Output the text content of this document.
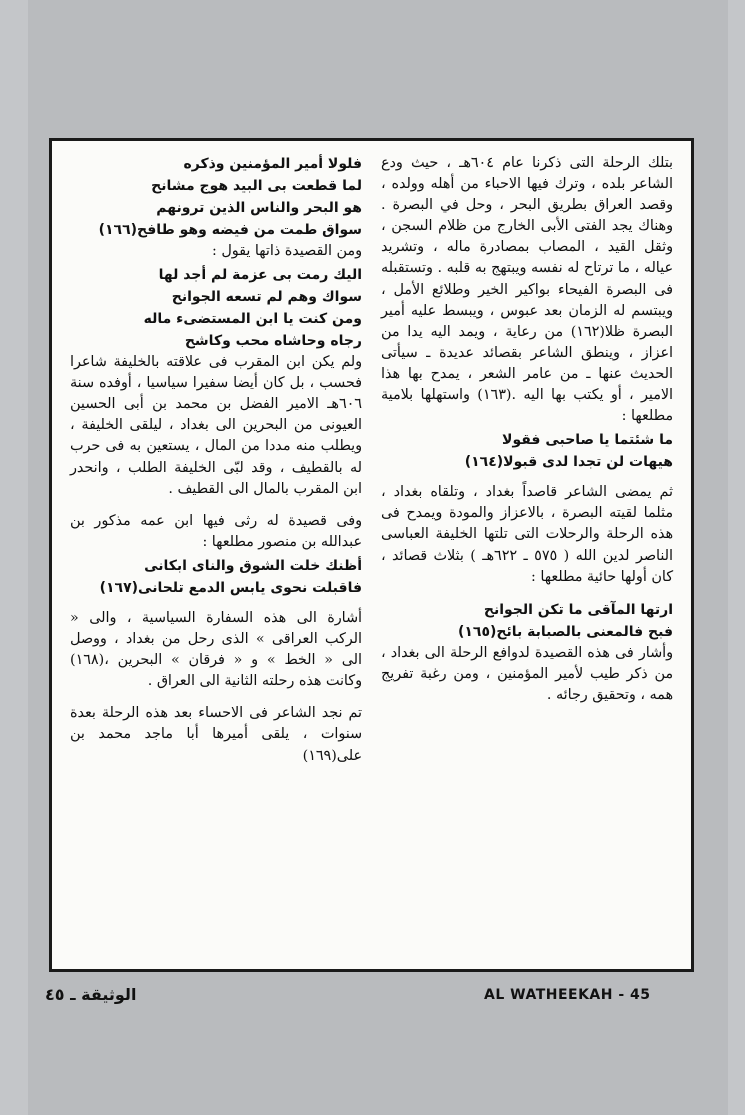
بتلك الرحلة التى ذكرنا عام ٦٠٤هـ ، حيث ودع الشاعر بلده ، وترك فيها الاحباء من أهله وولده ، وقصد العراق بطريق البحر ، وحل في البصرة . وهناك يجد الفتى الأبى الخارج من ظلام السجن ، وثقل القيد ، المصاب بمصادرة ماله ، وتشريد عياله ، ما ترتاح له نفسه ويبتهج به قلبه . وتستقبله فى البصرة الفيحاء بواكير الخير وطلائع الأمل ، ويبتسم له الزمان بعد عبوس ، ويبسط عليه أمير البصرة ظلا(١٦٢) من رعاية ، ويمد اليه يدا من اعزاز ، وينطق الشاعر بقصائد عديدة ـ سيأتى الحديث عنها ـ من عامر الشعر ، يمدح بها هذا الامير ، أو يكتب بها اليه .(١٦٣) واستهلها بلامية مطلعها :

ما شئتما يا صاحبى فقولا

هيهات لن تجدا لدى قبولا(١٦٤)

ثم يمضى الشاعر قاصداً بغداد ، وتلقاه بغداد ، مثلما لقيته البصرة ، بالاعزاز والمودة ويمدح فى هذه الرحلة والرحلات التى تلتها الخليفة العباسى الناصر لدين الله ( ٥٧٥ ـ ٦٢٢هـ ) بثلاث قصائد ، كان أولها حائية مطلعها :

ارتها المآقى ما تكن الجوانح

فبح فالمعنى بالصبابة بائح(١٦٥)

وأشار فى هذه القصيدة لدوافع الرحلة الى بغداد ، من ذكر طيب لأمير المؤمنين ، ومن رغبة تفريج همه ، وتحقيق رجائه .

فلولا أمير المؤمنين وذكره

لما قطعت بى البيد هوج مشانح

هو البحر والناس الذين ترونهم

سواق طمت من فيضه وهو طافح(١٦٦)

ومن القصيدة ذاتها يقول :

اليك رمت بى عزمة لم أجد لها

سواك وهم لم تسعه الجوانح

ومن كنت يا ابن المستضىء ماله

رجاه وحاشاه محب وكاشح

ولم يكن ابن المقرب فى علاقته بالخليفة شاعرا فحسب ، بل كان أيضا سفيرا سياسيا ، أوفده سنة ٦٠٦هـ الامير الفضل بن محمد بن أبى الحسين العيونى من البحرين الى بغداد ، ليلقى الخليفة ، ويطلب منه مددا من المال ، يستعين به فى حرب له بالقطيف ، وقد لبّى الخليفة الطلب ، وانحدر ابن المقرب بالمال الى القطيف .

وفى قصيدة له رثى فيها ابن عمه مذكور بن عبدالله بن منصور مطلعها :

أظنك خلت الشوق والناى ابكانى

فاقبلت نحوى يابس الدمع تلحانى(١٦٧)

أشارة الى هذه السفارة السياسية ، والى « الركب العراقى » الذى رحل من بغداد ، ووصل الى « الخط » و « فرقان » البحرين ،(١٦٨) وكانت هذه رحلته الثانية الى العراق .

تم نجد الشاعر فى الاحساء بعد هذه الرحلة بعدة سنوات ، يلقى أميرها أبا ماجد محمد بن على(١٦٩)

الوثيقة ـ ٤٥	AL WATHEEKAH - 45
